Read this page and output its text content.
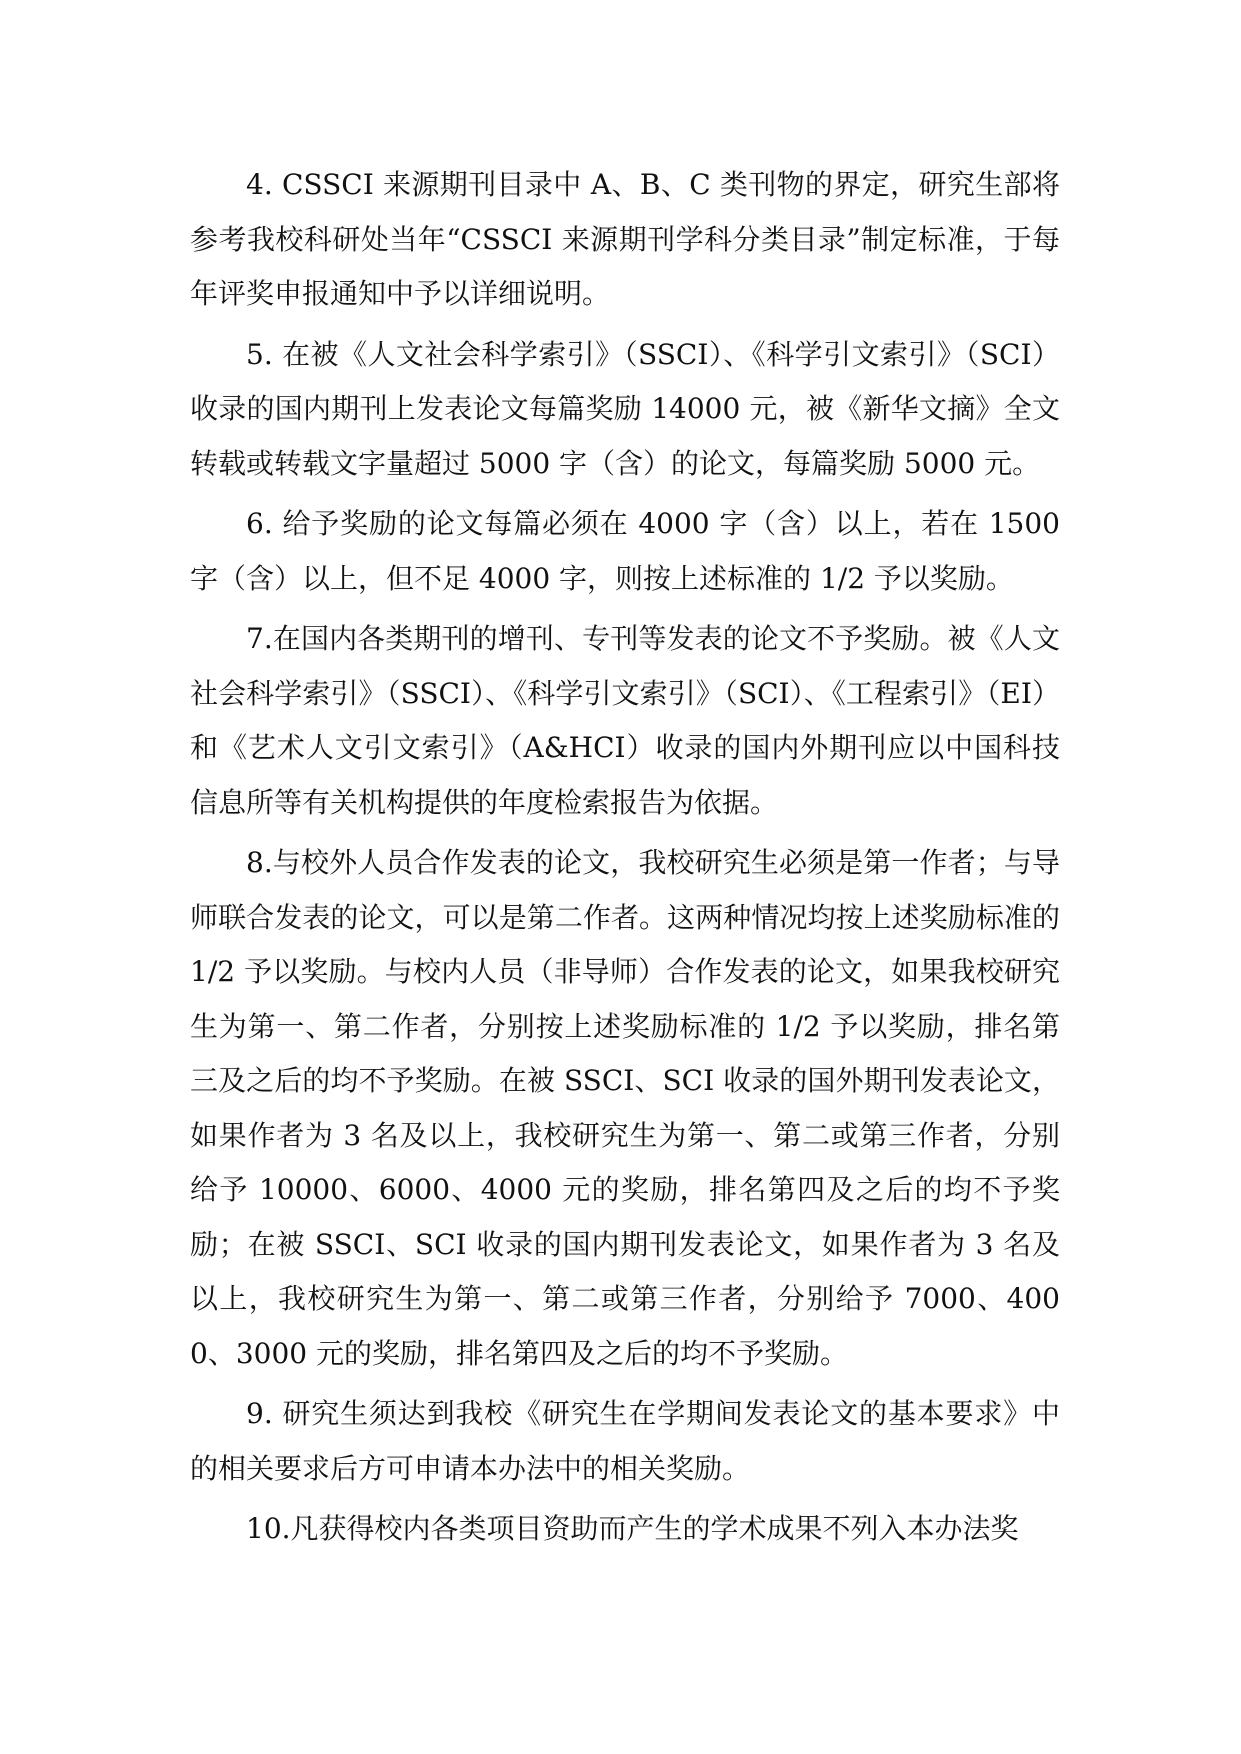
4. CSSCI 来源期刊目录中 A、B、C 类刊物的界定，研究生部将参考我校科研处当年“CSSCI 来源期刊学科分类目录”制定标准，于每年评奖申报通知中予以详细说明。

5. 在被《人文社会科学索引》（SSCI）、《科学引文索引》（SCI）收录的国内期刊上发表论文每篇奖励 14000 元，被《新华文摘》全文转载或转载文字量超过 5000 字（含）的论文，每篇奖励 5000 元。

6. 给予奖励的论文每篇必须在 4000 字（含）以上，若在 1500 字（含）以上，但不足 4000 字，则按上述标准的 1/2 予以奖励。

7.在国内各类期刊的增刊、专刊等发表的论文不予奖励。被《人文社会科学索引》（SSCI）、《科学引文索引》（SCI）、《工程索引》（EI）和《艺术人文引文索引》（A&HCI）收录的国内外期刊应以中国科技信息所等有关机构提供的年度检索报告为依据。

8.与校外人员合作发表的论文，我校研究生必须是第一作者；与导师联合发表的论文，可以是第二作者。这两种情况均按上述奖励标准的 1/2 予以奖励。与校内人员（非导师）合作发表的论文，如果我校研究生为第一、第二作者，分别按上述奖励标准的 1/2 予以奖励，排名第三及之后的均不予奖励。在被 SSCI、SCI 收录的国外期刊发表论文，如果作者为 3 名及以上，我校研究生为第一、第二或第三作者，分别给予 10000、6000、4000 元的奖励，排名第四及之后的均不予奖励；在被 SSCI、SCI 收录的国内期刊发表论文，如果作者为 3 名及以上，我校研究生为第一、第二或第三作者，分别给予 7000、4000、3000 元的奖励，排名第四及之后的均不予奖励。

9. 研究生须达到我校《研究生在学期间发表论文的基本要求》中的相关要求后方可申请本办法中的相关奖励。

10.凡获得校内各类项目资助而产生的学术成果不列入本办法奖
